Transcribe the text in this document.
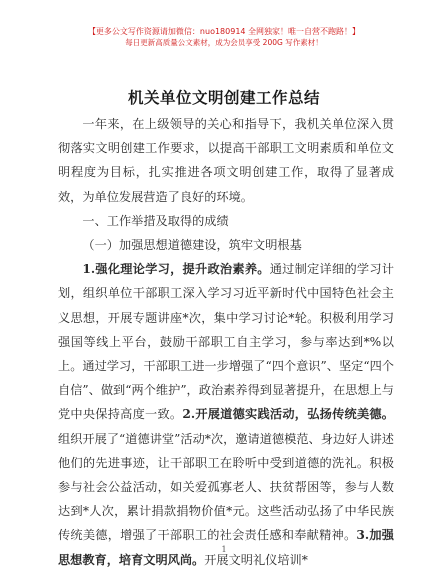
【更多公文写作资源请加微信：nuo180914 全网独家！唯一自营不跑路！】
每日更新高质量公文素材，成为会员享受 200G 写作素材！
机关单位文明创建工作总结

一年来，在上级领导的关心和指导下，我机关单位深入贯彻落实文明创建工作要求，以提高干部职工文明素质和单位文明程度为目标，扎实推进各项文明创建工作，取得了显著成效，为单位发展营造了良好的环境。

一、工作举措及取得的成绩

（一）加强思想道德建设，筑牢文明根基

1.强化理论学习，提升政治素养。通过制定详细的学习计划，组织单位干部职工深入学习习近平新时代中国特色社会主义思想，开展专题讲座*次，集中学习讨论*轮。积极利用学习强国等线上平台，鼓励干部职工自主学习，参与率达到*%以上。通过学习，干部职工进一步增强了“四个意识”、坚定“四个自信”、做到“两个维护”，政治素养得到显著提升，在思想上与党中央保持高度一致。2.开展道德实践活动，弘扬传统美德。组织开展了“道德讲堂”活动*次，邀请道德模范、身边好人讲述他们的先进事迹，让干部职工在聆听中受到道德的洗礼。积极参与社会公益活动，如关爱孤寡老人、扶贫帮困等，参与人数达到*人次，累计捐款捐物价值*元。这些活动弘扬了中华民族传统美德，增强了干部职工的社会责任感和奉献精神。3.加强思想教育，培育文明风尚。开展文明礼仪培训*

1
